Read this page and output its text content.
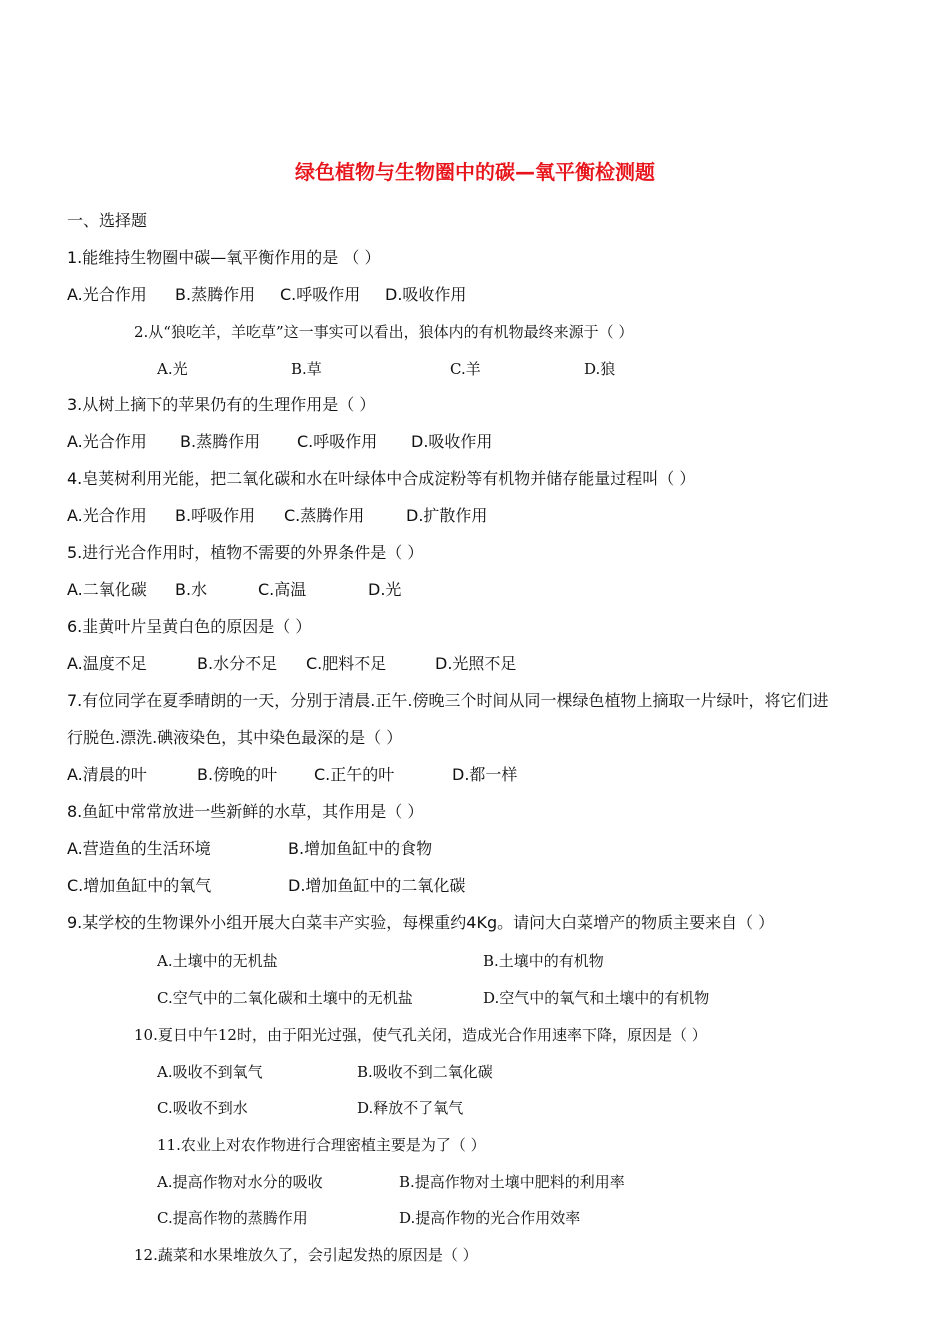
绿色植物与生物圈中的碳—氧平衡检测题
一、选择题
1.能维持生物圈中碳—氧平衡作用的是 （ ）
A.光合作用 B.蒸腾作用 C.呼吸作用 D.吸收作用
2.从“狼吃羊，羊吃草”这一事实可以看出，狼体内的有机物最终来源于（ ）
A.光	B.草	C.羊	D.狼
3.从树上摘下的苹果仍有的生理作用是（ ）
A.光合作用 B.蒸腾作用 C.呼吸作用 D.吸收作用
4.皂荚树利用光能，把二氧化碳和水在叶绿体中合成淀粉等有机物并储存能量过程叫（ ）
A.光合作用 B.呼吸作用 C.蒸腾作用	D.扩散作用
5.进行光合作用时，植物不需要的外界条件是（ ）
A.二氧化碳 B.水	C.高温	D.光
6.韭黄叶片呈黄白色的原因是（ ）
A.温度不足	B.水分不足 C.肥料不足	D.光照不足
7.有位同学在夏季晴朗的一天，分别于清晨.正午.傍晚三个时间从同一棵绿色植物上摘取一片绿叶，将它们进
行脱色.漂洗.碘液染色，其中染色最深的是（ ）
A.清晨的叶	B.傍晚的叶 C.正午的叶	D.都一样
8.鱼缸中常常放进一些新鲜的水草，其作用是（ ）
A.营造鱼的生活环境	B.增加鱼缸中的食物
C.增加鱼缸中的氧气	D.增加鱼缸中的二氧化碳
9.某学校的生物课外小组开展大白菜丰产实验，每棵重约4Kg。请问大白菜增产的物质主要来自（ ）
A.土壤中的无机盐	B.土壤中的有机物
C.空气中的二氧化碳和土壤中的无机盐	D.空气中的氧气和土壤中的有机物
10.夏日中午12时，由于阳光过强，使气孔关闭，造成光合作用速率下降，原因是（ ）
A.吸收不到氧气	B.吸收不到二氧化碳
C.吸收不到水	D.释放不了氧气
11.农业上对农作物进行合理密植主要是为了（ ）
A.提高作物对水分的吸收	B.提高作物对土壤中肥料的利用率
C.提高作物的蒸腾作用	D.提高作物的光合作用效率
12.蔬菜和水果堆放久了，会引起发热的原因是（ ）
